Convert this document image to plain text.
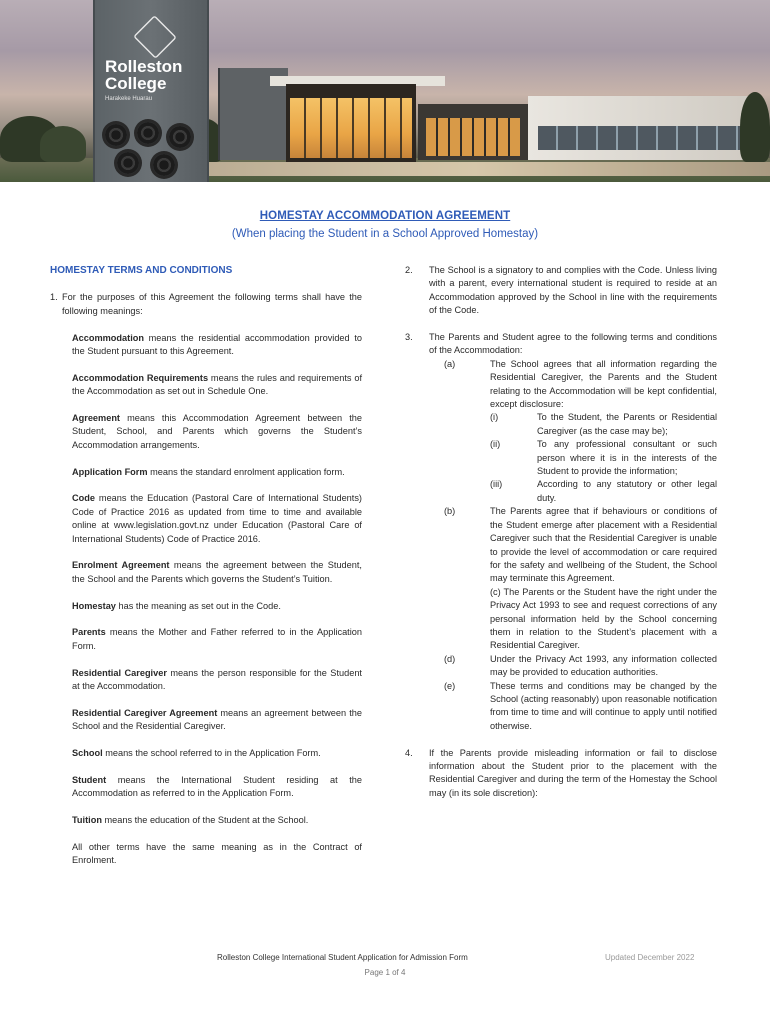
Rolleston College
Harakeke Huarau
HOMESTAY ACCOMMODATION AGREEMENT
(When placing the Student in a School Approved Homestay)
HOMESTAY TERMS AND CONDITIONS
1. For the purposes of this Agreement the following terms shall have the following meanings:
Accommodation means the residential accommodation provided to the Student pursuant to this Agreement.
Accommodation Requirements means the rules and requirements of the Accommodation as set out in Schedule One.
Agreement means this Accommodation Agreement between the Student, School, and Parents which governs the Student’s Accommodation arrangements.
Application Form means the standard enrolment application form.
Code means the Education (Pastoral Care of International Students) Code of Practice 2016 as updated from time to time and available online at www.legislation.govt.nz under Education (Pastoral Care of International Students) Code of Practice 2016.
Enrolment Agreement means the agreement between the Student, the School and the Parents which governs the Student’s Tuition.
Homestay has the meaning as set out in the Code.
Parents means the Mother and Father referred to in the Application Form.
Residential Caregiver means the person responsible for the Student at the Accommodation.
Residential Caregiver Agreement means an agreement between the School and the Residential Caregiver.
School means the school referred to in the Application Form.
Student means the International Student residing at the Accommodation as referred to in the Application Form.
Tuition means the education of the Student at the School.
All other terms have the same meaning as in the Contract of Enrolment.
2.	The School is a signatory to and complies with the Code. Unless living with a parent, every international student is required to reside at an Accommodation approved by the School in line with the requirements of the Code.
3.	The Parents and Student agree to the following terms and conditions of the Accommodation:
(a)	The School agrees that all information regarding the Residential Caregiver, the Parents and the Student relating to the Accommodation will be kept confidential, except disclosure:
(i)	To the Student, the Parents or Residential Caregiver (as the case may be);
(ii)	To any professional consultant or such person where it is in the interests of the Student to provide the information;
(iii)	According to any statutory or other legal duty.
(b)	The Parents agree that if behaviours or conditions of the Student emerge after placement with a Residential Caregiver such that the Residential Caregiver is unable to provide the level of accommodation or care required for the safety and wellbeing of the Student, the School may terminate this Agreement.
(c) The Parents or the Student have the right under the Privacy Act 1993 to see and request corrections of any personal information held by the School concerning them in relation to the Student’s placement with a Residential Caregiver.
(d)	Under the Privacy Act 1993, any information collected may be provided to education authorities.
(e)	These terms and conditions may be changed by the School (acting reasonably) upon reasonable notification from time to time and will continue to apply until notified otherwise.
4.	If the Parents provide misleading information or fail to disclose information about the Student prior to the placement with the Residential Caregiver and during the term of the Homestay the School may (in its sole discretion):
Rolleston College International Student Application for Admission Form	Updated December 2022
Page 1 of 4
